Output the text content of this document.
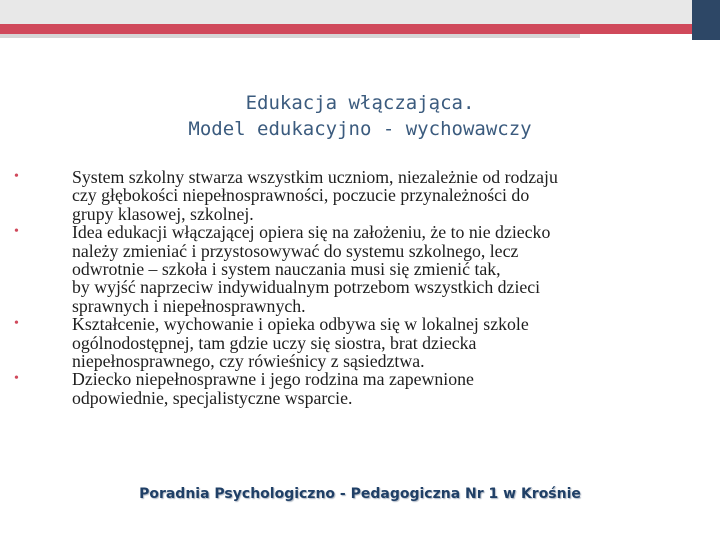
Edukacja włączająca.
Model edukacyjno - wychowawczy
•	System szkolny stwarza wszystkim uczniom, niezależnie od rodzaju
czy głębokości niepełnosprawności, poczucie przynależności do
grupy klasowej, szkolnej.
•	Idea edukacji włączającej opiera się na założeniu, że to nie dziecko
należy zmieniać i przystosowywać do systemu szkolnego, lecz
odwrotnie – szkoła i system nauczania musi się zmienić tak,
by wyjść naprzeciw indywidualnym potrzebom wszystkich dzieci
sprawnych i niepełnosprawnych.
•	Kształcenie, wychowanie i opieka odbywa się w lokalnej szkole
ogólnodostępnej, tam gdzie uczy się siostra, brat dziecka
niepełnosprawnego, czy rówieśnicy z sąsiedztwa.
•	Dziecko niepełnosprawne i jego rodzina ma zapewnione
odpowiednie, specjalistyczne wsparcie.
Poradnia Psychologiczno - Pedagogiczna Nr 1 w Krośnie
